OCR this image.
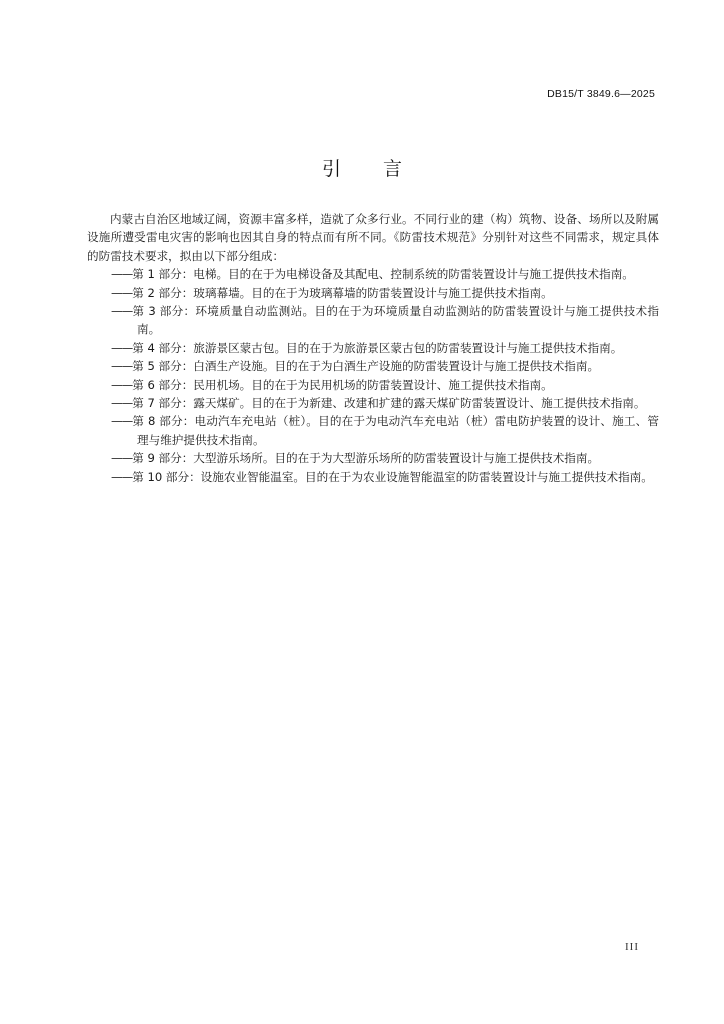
DB15/T 3849.6—2025
引言

内蒙古自治区地域辽阔，资源丰富多样，造就了众多行业。不同行业的建（构）筑物、设备、场所以及附属设施所遭受雷电灾害的影响也因其自身的特点而有所不同。《防雷技术规范》分别针对这些不同需求，规定具体的防雷技术要求，拟由以下部分组成：

——第 1 部分：电梯。目的在于为电梯设备及其配电、控制系统的防雷装置设计与施工提供技术指南。
——第 2 部分：玻璃幕墙。目的在于为玻璃幕墙的防雷装置设计与施工提供技术指南。
——第 3 部分：环境质量自动监测站。目的在于为环境质量自动监测站的防雷装置设计与施工提供技术指南。
——第 4 部分：旅游景区蒙古包。目的在于为旅游景区蒙古包的防雷装置设计与施工提供技术指南。
——第 5 部分：白酒生产设施。目的在于为白酒生产设施的防雷装置设计与施工提供技术指南。
——第 6 部分：民用机场。目的在于为民用机场的防雷装置设计、施工提供技术指南。
——第 7 部分：露天煤矿。目的在于为新建、改建和扩建的露天煤矿防雷装置设计、施工提供技术指南。
——第 8 部分：电动汽车充电站（桩）。目的在于为电动汽车充电站（桩）雷电防护装置的设计、施工、管理与维护提供技术指南。
——第 9 部分：大型游乐场所。目的在于为大型游乐场所的防雷装置设计与施工提供技术指南。
——第 10 部分：设施农业智能温室。目的在于为农业设施智能温室的防雷装置设计与施工提供技术指南。
III
